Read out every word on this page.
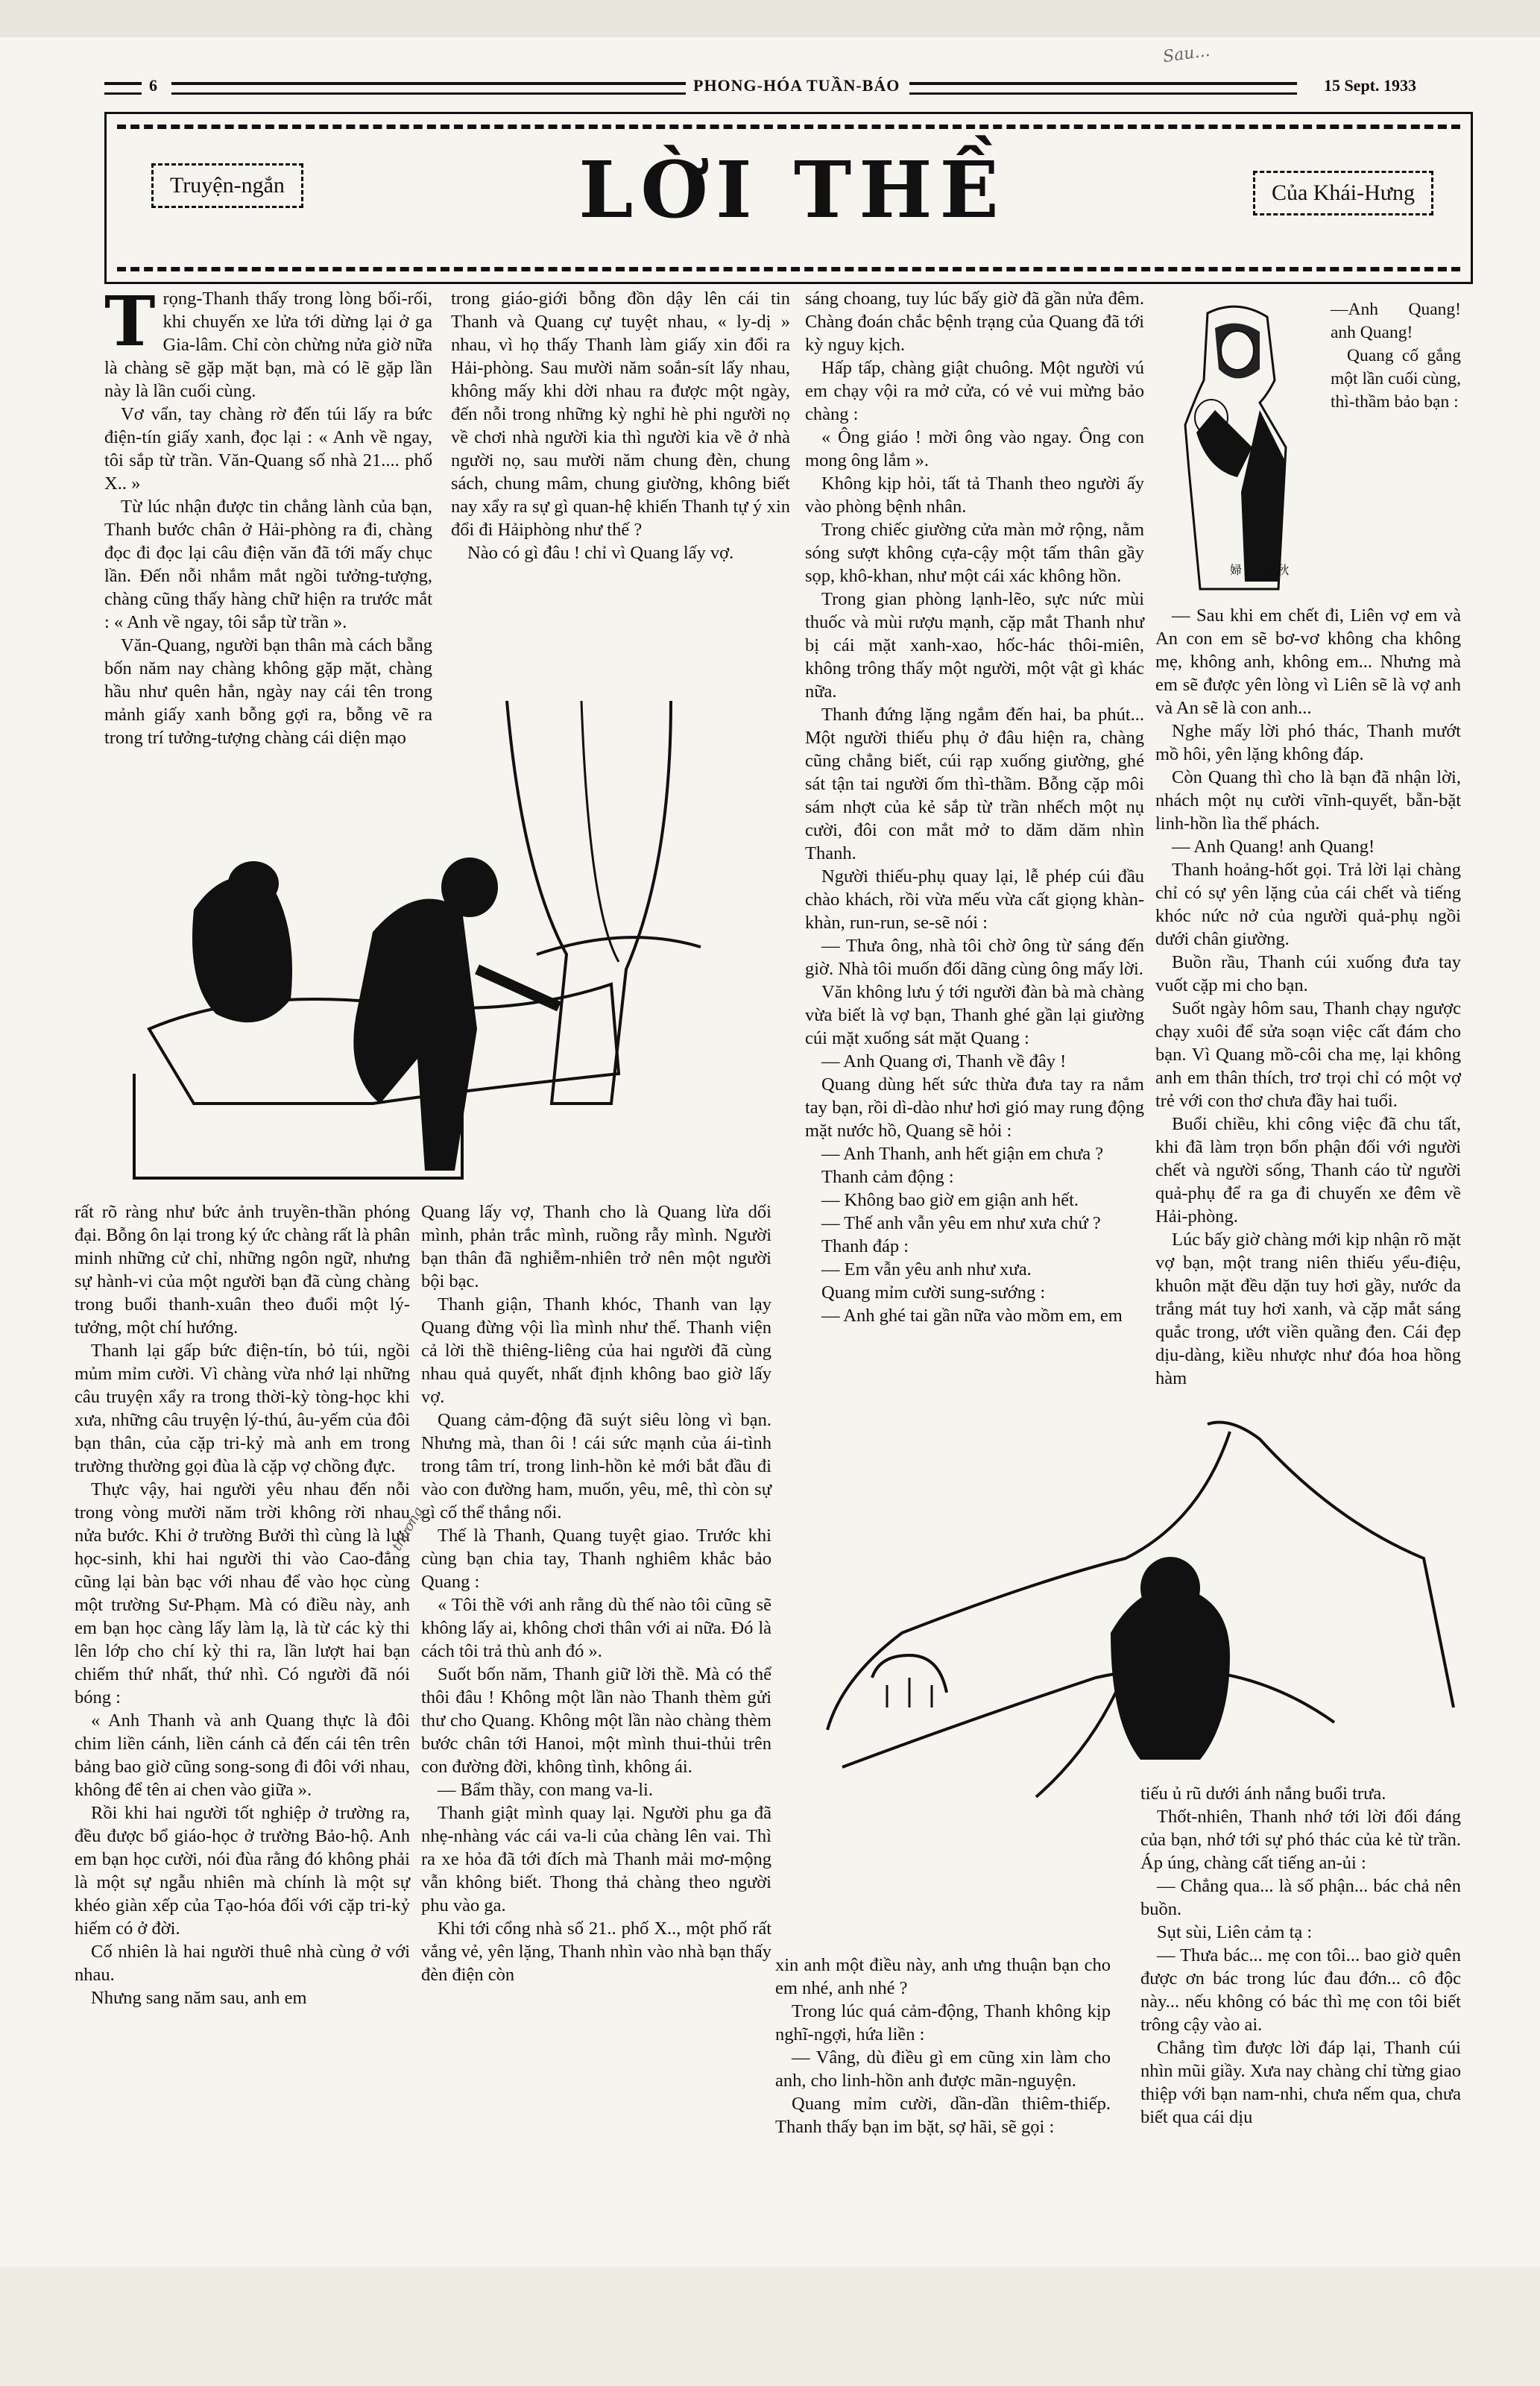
6	PHONG-HÓA TUẦN-BÁO	15 Sept. 1933
Truyện-ngắn	LỜI THỀ	Của Khái-Hưng
T rọng-Thanh thấy trong lòng bối-rối, khi chuyến xe lửa tới dừng lại ở ga Gia-lâm. Chỉ còn chừng nửa giờ nữa là chàng sẽ gặp mặt bạn, mà có lẽ gặp lần này là lần cuối cùng.

Vơ vẩn, tay chàng rờ đến túi lấy ra bức điện-tín giấy xanh, đọc lại : « Anh về ngay, tôi sắp từ trần. Văn-Quang số nhà 21.... phố X.. »

Từ lúc nhận được tin chẳng lành của bạn, Thanh bước chân ở Hải-phòng ra đi, chàng đọc đi đọc lại câu điện văn đã tới mấy chục lần. Đến nỗi nhắm mắt ngồi tưởng-tượng, chàng cũng thấy hàng chữ hiện ra trước mắt : « Anh về ngay, tôi sắp từ trần ».

Văn-Quang, người bạn thân mà cách bẵng bốn năm nay chàng không gặp mặt, chàng hầu như quên hẳn, ngày nay cái tên trong mảnh giấy xanh bỗng gợi ra, bỗng vẽ ra trong trí tưởng-tượng chàng cái diện mạo

trong giáo-giới bỗng đồn dậy lên cái tin Thanh và Quang cự tuyệt nhau, « ly-dị » nhau, vì họ thấy Thanh làm giấy xin đổi ra Hải-phòng. Sau mười năm soắn-sít lấy nhau, không mấy khi dời nhau ra được một ngày, đến nỗi trong những kỳ nghỉ hè phi người nọ về chơi nhà người kia thì người kia về ở nhà người nọ, sau mười năm chung đèn, chung sách, chung mâm, chung giường, không biết nay xẩy ra sự gì quan-hệ khiến Thanh tự ý xin đổi đi Hảiphòng như thế ?

Nào có gì đâu ! chỉ vì Quang lấy vợ.

sáng choang, tuy lúc bấy giờ đã gần nửa đêm. Chàng đoán chắc bệnh trạng của Quang đã tới kỳ nguy kịch.

Hấp tấp, chàng giật chuông. Một người vú em chạy vội ra mở cửa, có vẻ vui mừng bảo chàng :

« Ông giáo ! mời ông vào ngay. Ông con mong ông lắm ».

Không kịp hỏi, tất tả Thanh theo người ấy vào phòng bệnh nhân.

Trong chiếc giường cửa màn mở rộng, nằm sóng sượt không cựa-cậy một tấm thân gầy sọp, khô-khan, như một cái xác không hồn.

Trong gian phòng lạnh-lẽo, sực nức mùi thuốc và mùi rượu mạnh, cặp mắt Thanh như bị cái mặt xanh-xao, hốc-hác thôi-miên, không trông thấy một người, một vật gì khác nữa.

Thanh đứng lặng ngắm đến hai, ba phút... Một người thiếu phụ ở đâu hiện ra, chàng cũng chẳng biết, cúi rạp xuống giường, ghé sát tận tai người ốm thì-thầm. Bỗng cặp môi sám nhợt của kẻ sắp từ trần nhếch một nụ cười, đôi con mắt mở to dăm dăm nhìn Thanh.

Người thiếu-phụ quay lại, lễ phép cúi đầu chào khách, rồi vừa mếu vừa cất giọng khàn-khàn, run-run, se-sẽ nói :

— Thưa ông, nhà tôi chờ ông từ sáng đến giờ. Nhà tôi muốn đối dãng cùng ông mấy lời.

Văn không lưu ý tới người đàn bà mà chàng vừa biết là vợ bạn, Thanh ghé gần lại giường cúi mặt xuống sát mặt Quang :

— Anh Quang ơi, Thanh về đây !

Quang dùng hết sức thừa đưa tay ra nắm tay bạn, rồi dì-dào như hơi gió may rung động mặt nước hồ, Quang sẽ hỏi :

— Anh Thanh, anh hết giận em chưa ?

Thanh cảm động :

— Không bao giờ em giận anh hết.

— Thế anh vẫn yêu em như xưa chứ ?

Thanh đáp :

— Em vẫn yêu anh như xưa.

Quang mỉm cười sung-sướng :

— Anh ghé tai gần nữa vào mồm em, em

婦 香 梧 秋

—Anh Quang! anh Quang!

Quang cố gắng một lần cuối cùng, thì-thầm bảo bạn :

— Sau khi em chết đi, Liên vợ em và An con em sẽ bơ-vơ không cha không mẹ, không anh, không em... Nhưng mà em sẽ được yên lòng vì Liên sẽ là vợ anh và An sẽ là con anh...

Nghe mấy lời phó thác, Thanh mướt mồ hôi, yên lặng không đáp.

Còn Quang thì cho là bạn đã nhận lời, nhách một nụ cười vĩnh-quyết, bẵn-bặt linh-hồn lìa thể phách.

— Anh Quang! anh Quang!

Thanh hoảng-hốt gọi. Trả lời lại chàng chỉ có sự yên lặng của cái chết và tiếng khóc nức nở của người quả-phụ ngồi dưới chân giường.

Buồn rầu, Thanh cúi xuống đưa tay vuốt cặp mi cho bạn.

Suốt ngày hôm sau, Thanh chạy ngược chạy xuôi để sửa soạn việc cất đám cho bạn. Vì Quang mồ-côi cha mẹ, lại không anh em thân thích, trơ trọi chỉ có một vợ trẻ với con thơ chưa đầy hai tuổi.

Buổi chiều, khi công việc đã chu tất, khi đã làm trọn bổn phận đối với người chết và người sống, Thanh cáo từ người quả-phụ để ra ga đi chuyến xe đêm về Hải-phòng.

Lúc bấy giờ chàng mới kịp nhận rõ mặt vợ bạn, một trang niên thiếu yểu-điệu, khuôn mặt đều dặn tuy hơi gầy, nước da trắng mát tuy hơi xanh, và cặp mắt sáng quắc trong, ướt viền quầng đen. Cái đẹp dịu-dàng, kiều nhược như đóa hoa hồng hàm

rất rõ ràng như bức ảnh truyền-thần phóng đại. Bỗng ôn lại trong ký ức chàng rất là phân minh những cử chỉ, những ngôn ngữ, nhưng sự hành-vi của một người bạn đã cùng chàng trong buổi thanh-xuân theo đuổi một lý-tưởng, một chí hướng.

Thanh lại gấp bức điện-tín, bỏ túi, ngồi mủm mỉm cười. Vì chàng vừa nhớ lại những câu truyện xẩy ra trong thời-kỳ tòng-học khi xưa, những câu truyện lý-thú, âu-yếm của đôi bạn thân, của cặp tri-kỷ mà anh em trong trường thường gọi đùa là cặp vợ chồng đực.

Thực vậy, hai người yêu nhau đến nỗi trong vòng mười năm trời không rời nhau nửa bước. Khi ở trường Bưởi thì cùng là lưu học-sinh, khi hai người thi vào Cao-đẳng cũng lại bàn bạc với nhau để vào học cùng một trường Sư-Phạm. Mà có điều này, anh em bạn học càng lấy làm lạ, là từ các kỳ thi lên lớp cho chí kỳ thi ra, lần lượt hai bạn chiếm thứ nhất, thứ nhì. Có người đã nói bóng :

« Anh Thanh và anh Quang thực là đôi chim liền cánh, liền cánh cả đến cái tên trên bảng bao giờ cũng song-song đi đôi với nhau, không để tên ai chen vào giữa ».

Rồi khi hai người tốt nghiệp ở trường ra, đều được bổ giáo-học ở trường Bảo-hộ. Anh em bạn học cười, nói đùa rằng đó không phải là một sự ngẫu nhiên mà chính là một sự khéo giàn xếp của Tạo-hóa đối với cặp tri-kỷ hiếm có ở đời.

Cố nhiên là hai người thuê nhà cùng ở với nhau.

Nhưng sang năm sau, anh em

Quang lấy vợ, Thanh cho là Quang lừa dối mình, phản trắc mình, ruồng rẫy mình. Người bạn thân đã nghiễm-nhiên trở nên một người bội bạc.

Thanh giận, Thanh khóc, Thanh van lạy Quang đừng vội lìa mình như thế. Thanh viện cả lời thề thiêng-liêng của hai người đã cùng nhau quả quyết, nhất định không bao giờ lấy vợ.

Quang cảm-động đã suýt siêu lòng vì bạn. Nhưng mà, than ôi ! cái sức mạnh của ái-tình trong tâm trí, trong linh-hồn kẻ mới bắt đầu đi vào con đường ham, muốn, yêu, mê, thì còn sự gì cố thể thắng nổi.

Thế là Thanh, Quang tuyệt giao. Trước khi cùng bạn chia tay, Thanh nghiêm khắc bảo Quang :

« Tôi thề với anh rằng dù thế nào tôi cũng sẽ không lấy ai, không chơi thân với ai nữa. Đó là cách tôi trả thù anh đó ».

Suốt bốn năm, Thanh giữ lời thề. Mà có thể thôi đâu ! Không một lần nào Thanh thèm gửi thư cho Quang. Không một lần nào chàng thèm bước chân tới Hanoi, một mình thui-thủi trên con đường đời, không tình, không ái.

— Bẩm thầy, con mang va-li.

Thanh giật mình quay lại. Người phu ga đã nhẹ-nhàng vác cái va-li của chàng lên vai. Thì ra xe hỏa đã tới đích mà Thanh mải mơ-mộng vẫn không biết. Thong thả chàng theo người phu vào ga.

Khi tới cổng nhà số 21.. phố X.., một phố rất vắng vẻ, yên lặng, Thanh nhìn vào nhà bạn thấy đèn điện còn	xin anh một điều này, anh ưng thuận bạn cho em nhé, anh nhé ?

Trong lúc quá cảm-động, Thanh không kịp nghĩ-ngợi, hứa liền :

— Vâng, dù điều gì em cũng xin làm cho anh, cho linh-hồn anh được mãn-nguyện.

Quang mỉm cười, dần-dần thiêm-thiếp. Thanh thấy bạn im bặt, sợ hãi, sẽ gọi :

tiếu ủ rũ dưới ánh nắng buổi trưa.

Thốt-nhiên, Thanh nhớ tới lời đối đáng của bạn, nhớ tới sự phó thác của kẻ từ trần. Áp úng, chàng cất tiếng an-ủi :

— Chẳng qua... là số phận... bác chả nên buồn.

Sụt sùi, Liên cảm tạ :

— Thưa bác... mẹ con tôi... bao giờ quên được ơn bác trong lúc đau đớn... cô độc này... nếu không có bác thì mẹ con tôi biết trông cậy vào ai.

Chẳng tìm được lời đáp lại, Thanh cúi nhìn mũi giầy. Xưa nay chàng chỉ từng giao thiệp với bạn nam-nhi, chưa nếm qua, chưa biết qua cái dịu

Sau...
thương
